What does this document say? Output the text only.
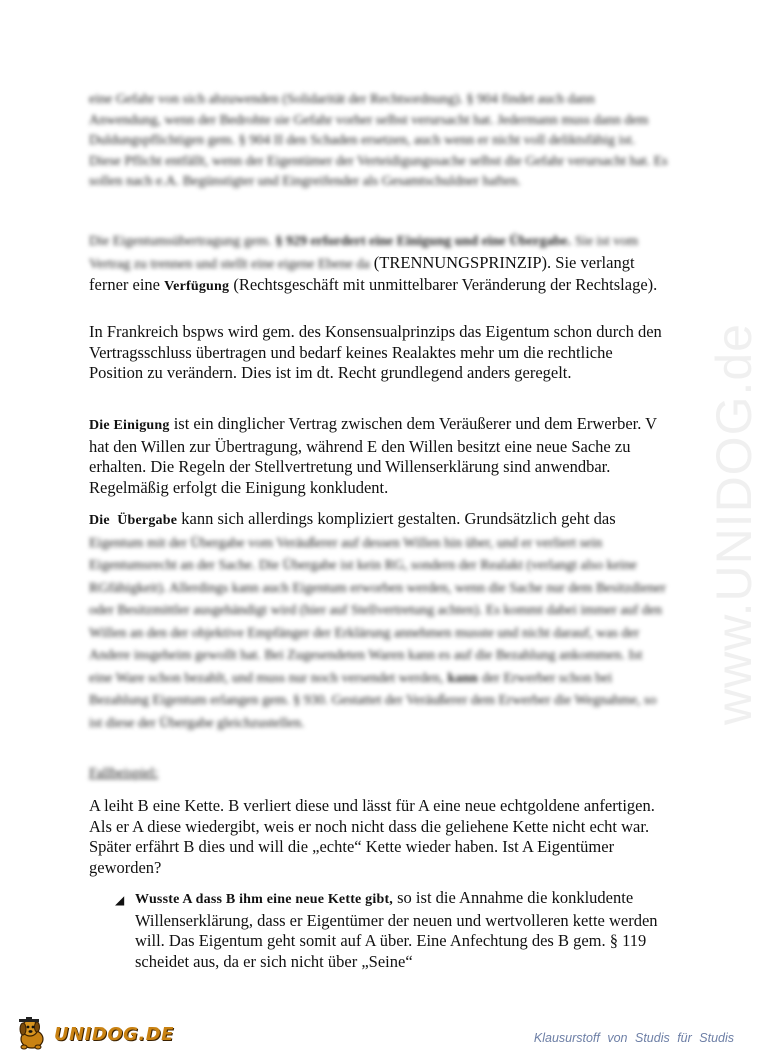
eine Gefahr von sich abzuwenden (Solidarität der Rechtsordnung). § 904 findet auch dann Anwendung, wenn der Bedrohte sie Gefahr vorher selbst verursacht hat. Jedermann muss dann dem Duldungspflichtigen gem. § 904 II den Schaden ersetzen, auch wenn er nicht voll deliktsfähig ist. Diese Pflicht entfällt, wenn der Eigentümer der Verteidigungssache selbst die Gefahr verursacht hat. Es sollen nach e.A. Begünstigter und Eingreifender als Gesamtschuldner haften.

Die Eigentumsübertragung gem. § 929 erfordert eine Einigung und eine Übergabe. Sie ist vom Vertrag zu trennen und stellt eine eigene Ebene da (TRENNUNGSPRINZIP). Sie verlangt ferner eine Verfügung (Rechtsgeschäft mit unmittelbarer Veränderung der Rechtslage).

In Frankreich bspws wird gem. des Konsensualprinzips das Eigentum schon durch den Vertragsschluss übertragen und bedarf keines Realaktes mehr um die rechtliche Position zu verändern. Dies ist im dt. Recht grundlegend anders geregelt.

Die Einigung ist ein dinglicher Vertrag zwischen dem Veräußerer und dem Erwerber. V hat den Willen zur Übertragung, während E den Willen besitzt eine neue Sache zu erhalten. Die Regeln der Stellvertretung und Willenserklärung sind anwendbar. Regelmäßig erfolgt die Einigung konkludent.

Die  Übergabe kann sich allerdings kompliziert gestalten. Grundsätzlich geht das Eigentum mit der Übergabe vom Veräußerer auf dessen Willen hin über, und er verliert sein Eigentumsrecht an der Sache. Die Übergabe ist kein RG, sondern der Realakt (verlangt also keine RGfähigkeit). Allerdings kann auch Eigentum erworben werden, wenn die Sache nur dem Besitzdiener oder Besitzmittler ausgehändigt wird (hier auf Stellvertretung achten). Es kommt dabei immer auf den Willen an den der objektive Empfänger der Erklärung annehmen musste und nicht darauf, was der Andere insgeheim gewollt hat. Bei Zugesendeten Waren kann es auf die Bezahlung ankommen. Ist eine Ware schon bezahlt, und muss nur noch versendet werden, kann der Erwerber schon bei Bezahlung Eigentum erlangen gem. § 930. Gestattet der Veräußerer dem Erwerber die Wegnahme, so ist diese der Übergabe gleichzustellen.

Fallbeispiel:

A leiht B eine Kette. B verliert diese und lässt für A eine neue echtgoldene anfertigen. Als er A diese wiedergibt, weis er noch nicht dass die geliehene Kette nicht echt war. Später erfährt B dies und will die „echte“ Kette wieder haben. Ist A Eigentümer geworden?

◢ Wusste A dass B ihm eine neue Kette gibt, so ist die Annahme die konkludente Willenserklärung, dass er Eigentümer der neuen und wertvolleren kette werden will. Das Eigentum geht somit auf A über. Eine Anfechtung des B gem. § 119 scheidet aus, da er sich nicht über „Seine“

www.UNIDOG.de
UNIDOG.DE	Klausurstoff von Studis für Studis
